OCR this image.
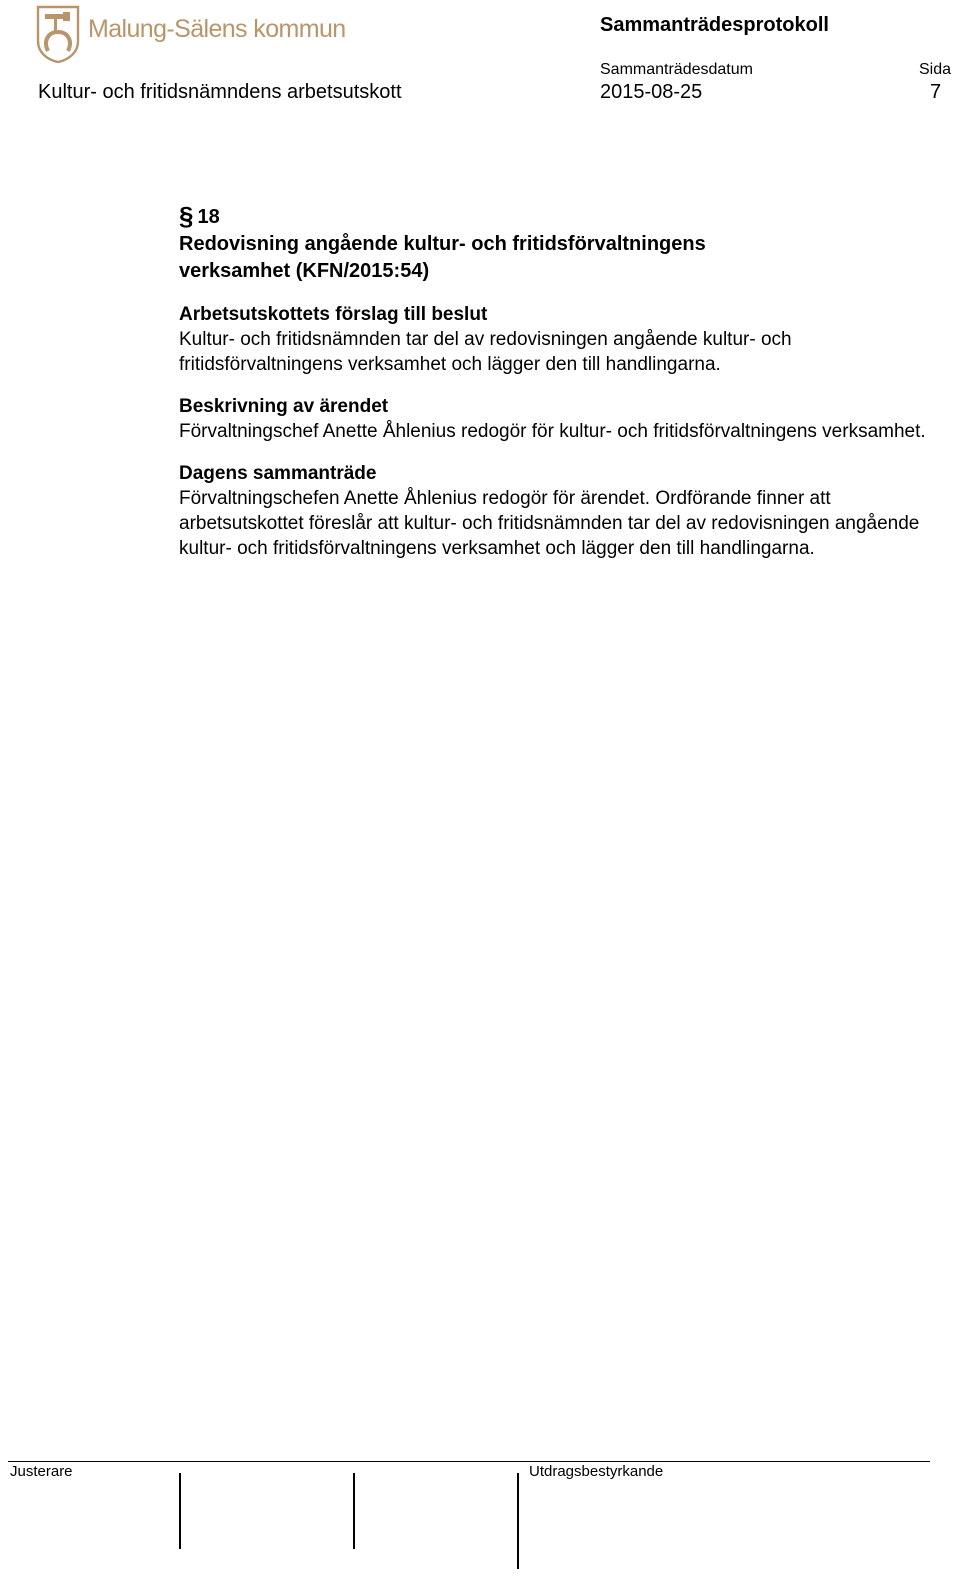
Malung-Sälens kommun	Sammanträdesprotokoll
Sammanträdesdatum	Sida
Kultur- och fritidsnämndens arbetsutskott	2015-08-25	7
§ 18
Redovisning angående kultur- och fritidsförvaltningens
verksamhet (KFN/2015:54)
Arbetsutskottets förslag till beslut

Kultur- och fritidsnämnden tar del av redovisningen angående kultur- och fritidsförvaltningens verksamhet och lägger den till handlingarna.

Beskrivning av ärendet

Förvaltningschef Anette Åhlenius redogör för kultur- och fritidsförvaltningens verksamhet.

Dagens sammanträde

Förvaltningschefen Anette Åhlenius redogör för ärendet. Ordförande finner att arbetsutskottet föreslår att kultur- och fritidsnämnden tar del av redovisningen angående kultur- och fritidsförvaltningens verksamhet och lägger den till handlingarna.

Justerare	Utdragsbestyrkande
